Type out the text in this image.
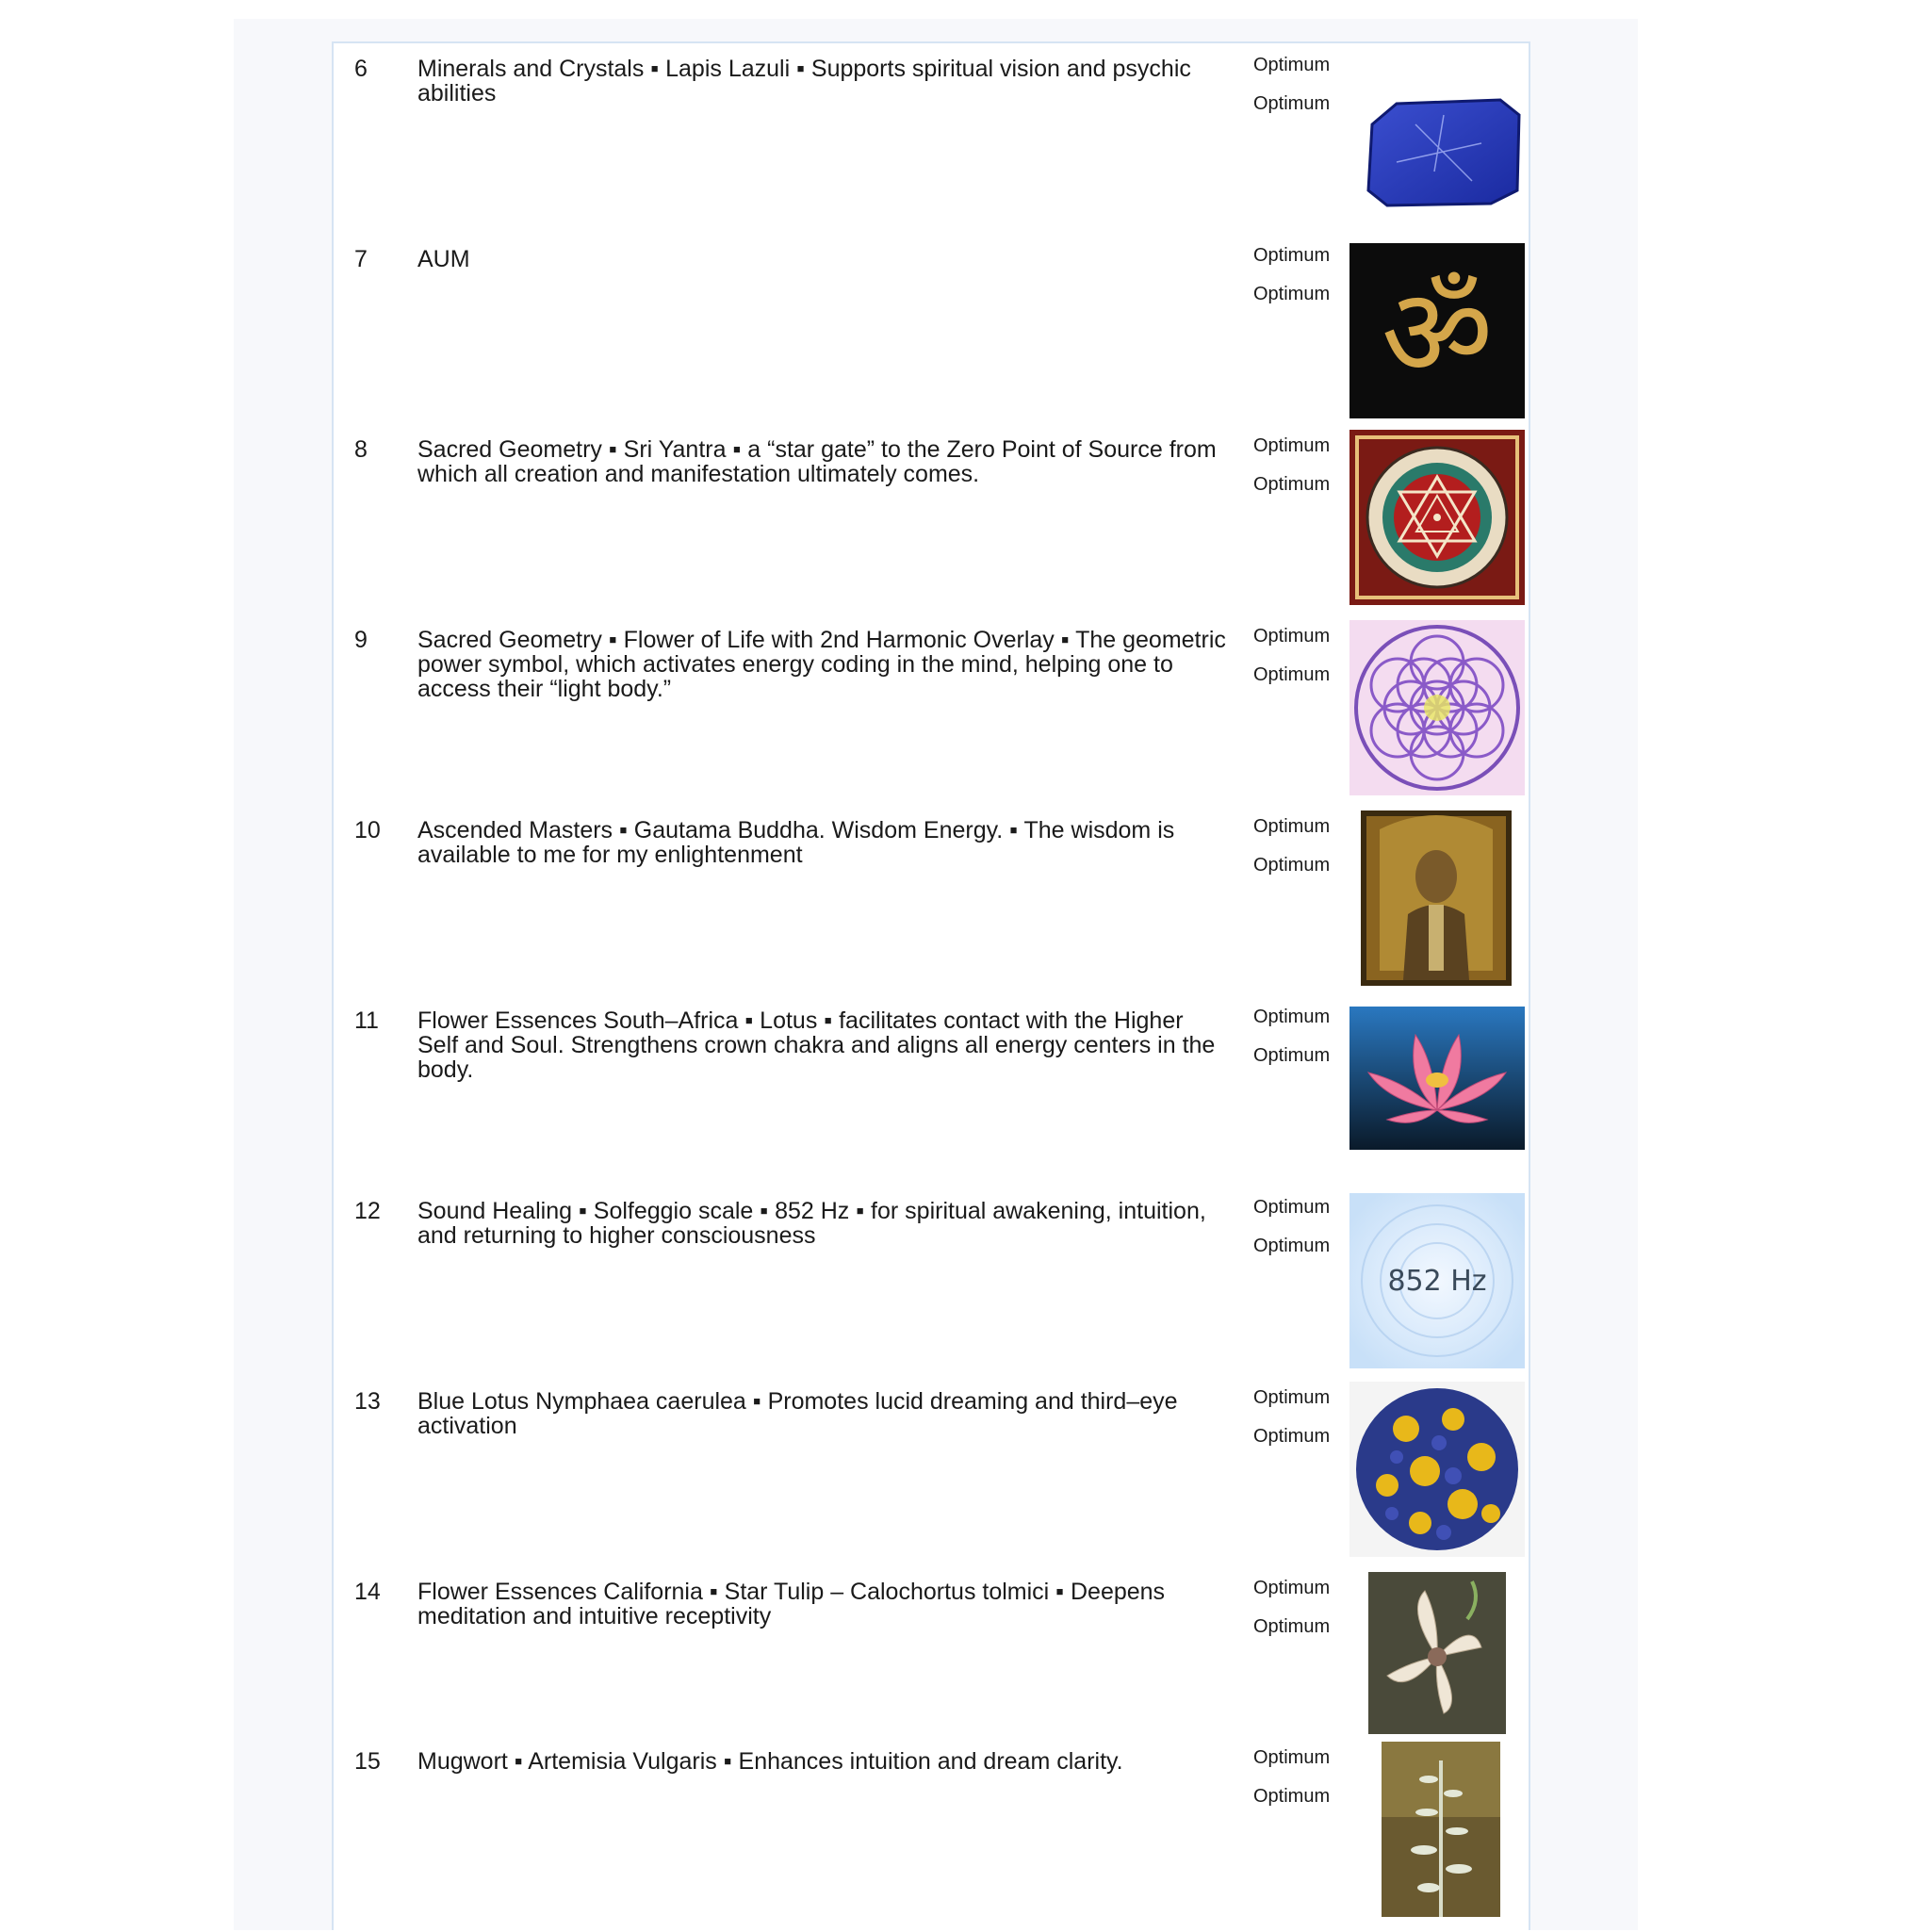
6 Minerals and Crystals ▪ Lapis Lazuli ▪ Supports spiritual vision and psychic abilities
Optimum
Optimum
7 AUM	Optimum
Optimum ॐ
8 Sacred Geometry ▪ Sri Yantra ▪ a “star gate” to the Zero Point of Source from which all creation and manifestation ultimately comes.
Optimum
Optimum
9 Sacred Geometry ▪ Flower of Life with 2nd Harmonic Overlay ▪ The geometric power symbol, which activates energy coding in the mind, helping one to access their “light body.”
Optimum
Optimum
10 Ascended Masters ▪ Gautama Buddha. Wisdom Energy. ▪ The wisdom is available to me for my enlightenment
Optimum
Optimum
11 Flower Essences South–Africa ▪ Lotus ▪ facilitates contact with the Higher Self and Soul. Strengthens crown chakra and aligns all energy centers in the body.
Optimum
Optimum
12 Sound Healing ▪ Solfeggio scale ▪ 852 Hz ▪ for spiritual awakening, intuition, and returning to higher consciousness
Optimum
Optimum
852 Hz
13 Blue Lotus Nymphaea caerulea ▪ Promotes lucid dreaming and third–eye activation
Optimum
Optimum
14 Flower Essences California ▪ Star Tulip – Calochortus tolmici ▪ Deepens meditation and intuitive receptivity
Optimum
Optimum
15 Mugwort ▪ Artemisia Vulgaris ▪ Enhances intuition and dream clarity.	Optimum
Optimum
